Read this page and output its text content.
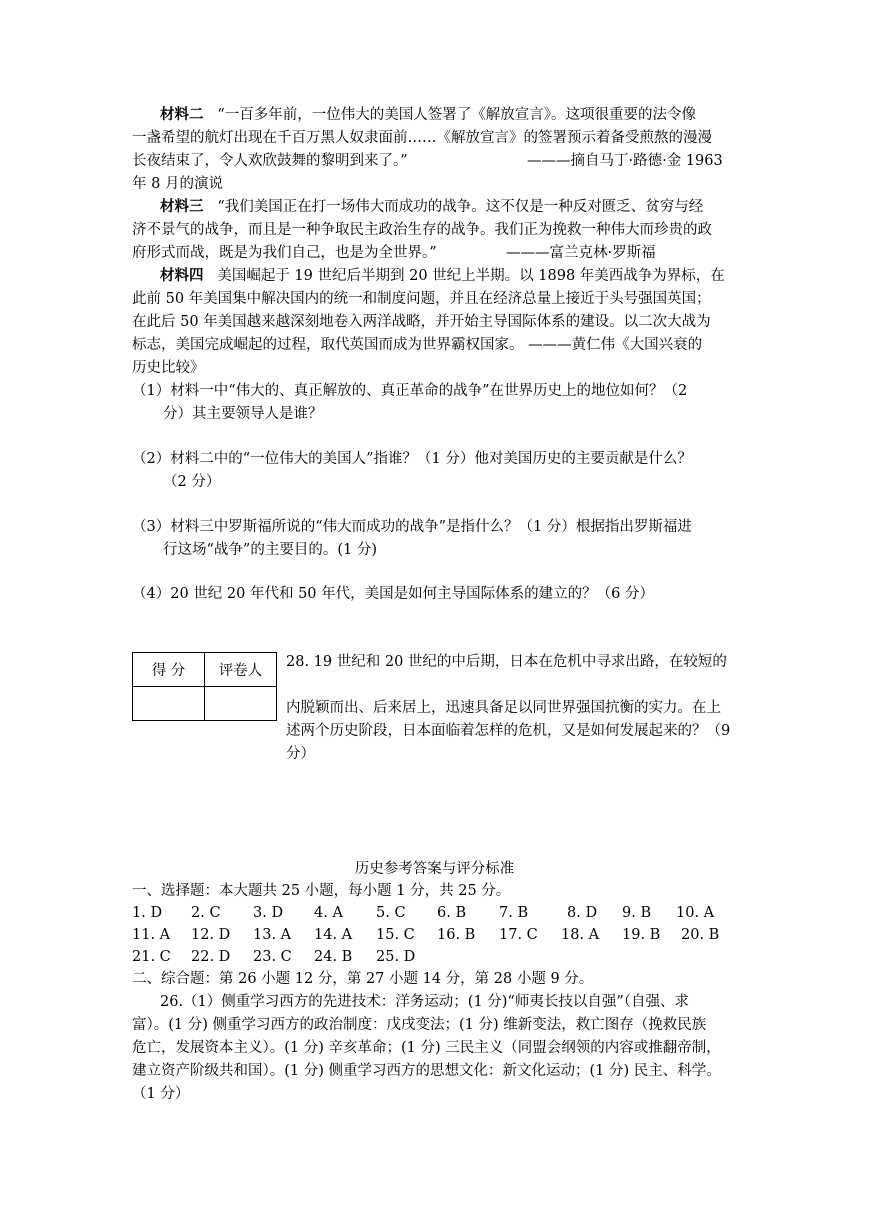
材料二 “一百多年前，一位伟大的美国人签署了《解放宣言》。这项很重要的法令像
一盏希望的航灯出现在千百万黑人奴隶面前……《解放宣言》的签署预示着备受煎熬的漫漫
长夜结束了，令人欢欣鼓舞的黎明到来了。”	———摘自马丁·路德·金 1963
年 8 月的演说
材料三 “我们美国正在打一场伟大而成功的战争。这不仅是一种反对匮乏、贫穷与经
济不景气的战争，而且是一种争取民主政治生存的战争。我们正为挽救一种伟大而珍贵的政
府形式而战，既是为我们自己，也是为全世界。”	———富兰克林·罗斯福
材料四 美国崛起于 19 世纪后半期到 20 世纪上半期。以 1898 年美西战争为界标，在
此前 50 年美国集中解决国内的统一和制度问题，并且在经济总量上接近于头号强国英国；
在此后 50 年美国越来越深刻地卷入两洋战略，并开始主导国际体系的建设。以二次大战为
标志，美国完成崛起的过程，取代英国而成为世界霸权国家。 ———黄仁伟《大国兴衰的
历史比较》
（1）材料一中“伟大的、真正解放的、真正革命的战争”在世界历史上的地位如何？（2
分）其主要领导人是谁？
（2）材料二中的“一位伟大的美国人”指谁？（1 分）他对美国历史的主要贡献是什么？
（2 分）
（3）材料三中罗斯福所说的“伟大而成功的战争”是指什么？（1 分）根据指出罗斯福进
行这场“战争”的主要目的。(1 分)
（4）20 世纪 20 年代和 50 年代，美国是如何主导国际体系的建立的？（6 分）
得 分	评卷人

28. 19 世纪和 20 世纪的中后期，日本在危机中寻求出路，在较短的
内脱颖而出、后来居上，迅速具备足以同世界强国抗衡的实力。在上
述两个历史阶段，日本面临着怎样的危机，又是如何发展起来的？（9
分）
历史参考答案与评分标准
一、选择题：本大题共 25 小题，每小题 1 分，共 25 分。
1. D 2. C 3. D 4. A 5. C 6. B 7. B	8. D 9. B 10. A
11. A 12. D 13. A 14. A 15. C 16. B 17. C 18. A 19. B 20. B
21. C 22. D 23. C 24. B 25. D
二、综合题：第 26 小题 12 分，第 27 小题 14 分，第 28 小题 9 分。
26.（1）侧重学习西方的先进技术：洋务运动；(1 分)“师夷长技以自强”（自强、求
富）。(1 分) 侧重学习西方的政治制度：戊戌变法；(1 分) 维新变法，救亡图存（挽救民族
危亡，发展资本主义）。(1 分) 辛亥革命；(1 分) 三民主义（同盟会纲领的内容或推翻帝制，
建立资产阶级共和国）。(1 分) 侧重学习西方的思想文化：新文化运动；(1 分) 民主、科学。
（1 分）
